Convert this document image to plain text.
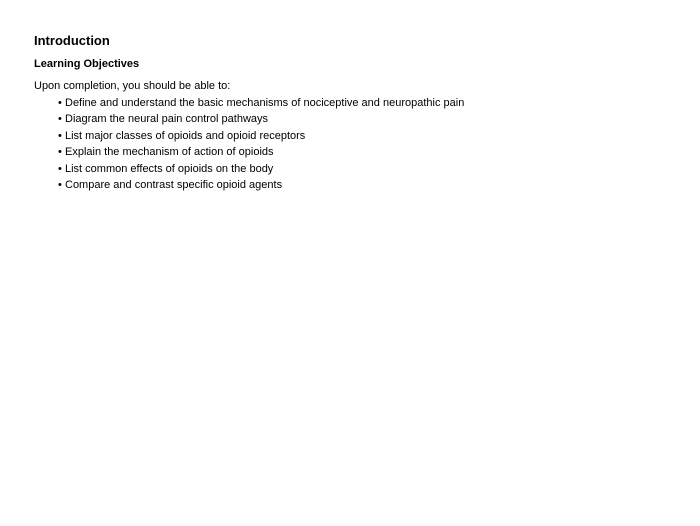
Introduction
Learning Objectives
Upon completion, you should be able to:
• Define and understand the basic mechanisms of nociceptive and neuropathic pain
• Diagram the neural pain control pathways
• List major classes of opioids and opioid receptors
• Explain the mechanism of action of opioids
• List common effects of opioids on the body
• Compare and contrast specific opioid agents
